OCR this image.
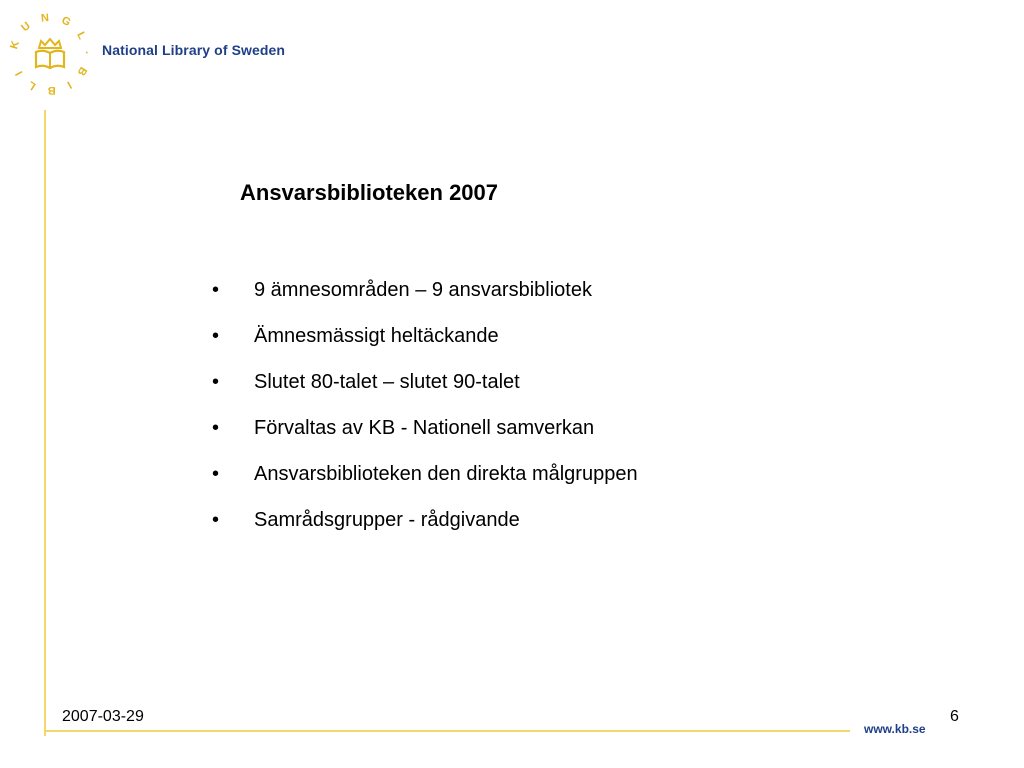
K U N G L · B I B L I
National Library of Sweden
Ansvarsbiblioteken 2007
• 9 ämnesområden – 9 ansvarsbibliotek
• Ämnesmässigt heltäckande
• Slutet 80-talet – slutet 90-talet
• Förvaltas av KB - Nationell samverkan
• Ansvarsbiblioteken den direkta målgruppen
• Samrådsgrupper - rådgivande
2007-03-29
www.kb.se
6
